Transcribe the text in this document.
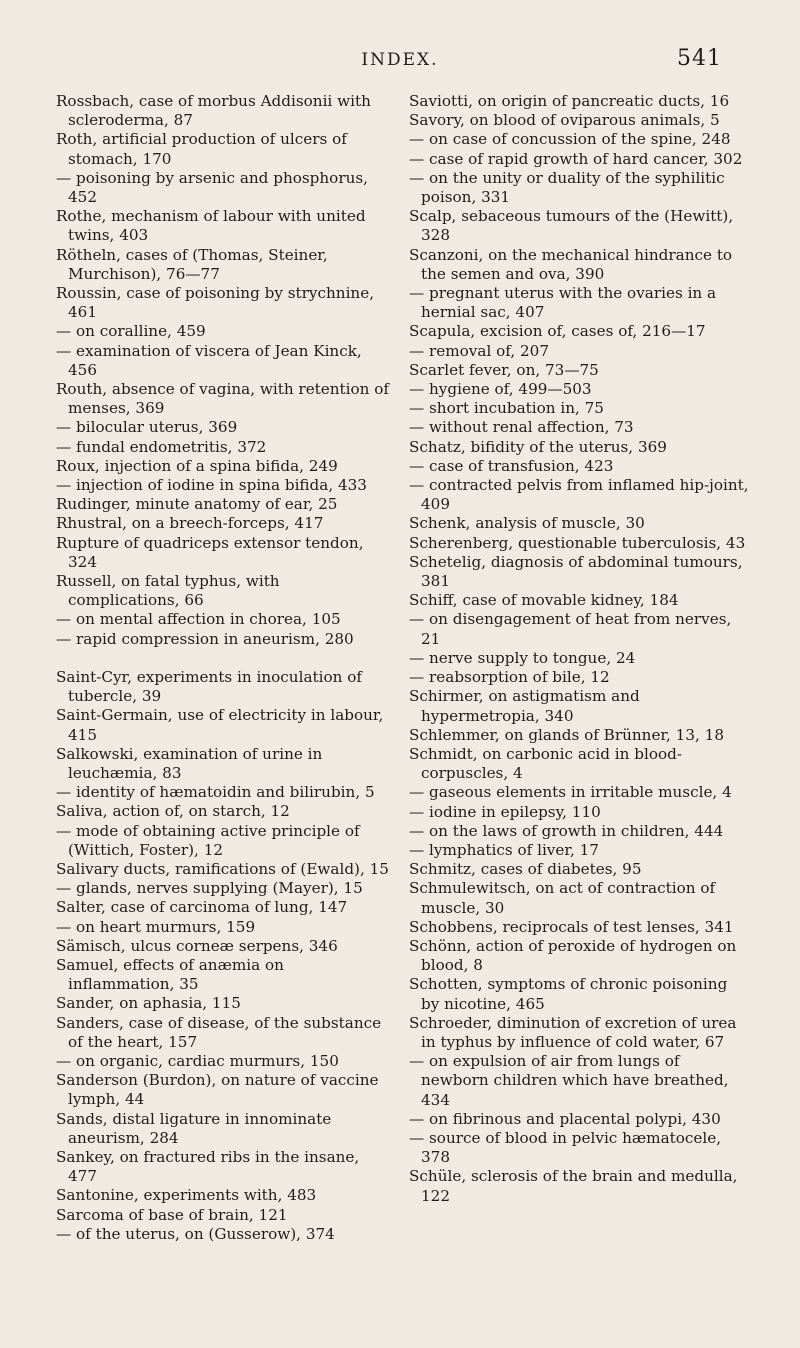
INDEX.	541

Rossbach, case of morbus Addisonii with scleroderma, 87

Roth, artificial production of ulcers of stomach, 170

— poisoning by arsenic and phosphorus, 452

Rothe, mechanism of labour with united twins, 403

Rötheln, cases of (Thomas, Steiner, Murchison), 76—77

Roussin, case of poisoning by strychnine, 461

— on coralline, 459

— examination of viscera of Jean Kinck, 456

Routh, absence of vagina, with retention of menses, 369

— bilocular uterus, 369

— fundal endometritis, 372

Roux, injection of a spina bifida, 249

— injection of iodine in spina bifida, 433

Rudinger, minute anatomy of ear, 25

Rhustral, on a breech-forceps, 417

Rupture of quadriceps extensor tendon, 324

Russell, on fatal typhus, with complications, 66

— on mental affection in chorea, 105

— rapid compression in aneurism, 280

Saint-Cyr, experiments in inoculation of tubercle, 39

Saint-Germain, use of electricity in labour, 415

Salkowski, examination of urine in leuchæmia, 83

— identity of hæmatoidin and bilirubin, 5

Saliva, action of, on starch, 12

— mode of obtaining active principle of (Wittich, Foster), 12

Salivary ducts, ramifications of (Ewald), 15

— glands, nerves supplying (Mayer), 15

Salter, case of carcinoma of lung, 147

— on heart murmurs, 159

Sämisch, ulcus corneæ serpens, 346

Samuel, effects of anæmia on inflammation, 35

Sander, on aphasia, 115

Sanders, case of disease, of the substance of the heart, 157

— on organic, cardiac murmurs, 150

Sanderson (Burdon), on nature of vaccine lymph, 44

Sands, distal ligature in innominate aneurism, 284

Sankey, on fractured ribs in the insane, 477

Santonine, experiments with, 483

Sarcoma of base of brain, 121

— of the uterus, on (Gusserow), 374

Saviotti, on origin of pancreatic ducts, 16

Savory, on blood of oviparous animals, 5

— on case of concussion of the spine, 248

— case of rapid growth of hard cancer, 302

— on the unity or duality of the syphilitic poison, 331

Scalp, sebaceous tumours of the (Hewitt), 328

Scanzoni, on the mechanical hindrance to the semen and ova, 390

— pregnant uterus with the ovaries in a hernial sac, 407

Scapula, excision of, cases of, 216—17

— removal of, 207

Scarlet fever, on, 73—75

— hygiene of, 499—503

— short incubation in, 75

— without renal affection, 73

Schatz, bifidity of the uterus, 369

— case of transfusion, 423

— contracted pelvis from inflamed hip-joint, 409

Schenk, analysis of muscle, 30

Scherenberg, questionable tuberculosis, 43

Schetelig, diagnosis of abdominal tumours, 381

Schiff, case of movable kidney, 184

— on disengagement of heat from nerves, 21

— nerve supply to tongue, 24

— reabsorption of bile, 12

Schirmer, on astigmatism and hypermetropia, 340

Schlemmer, on glands of Brünner, 13, 18

Schmidt, on carbonic acid in blood-corpuscles, 4

— gaseous elements in irritable muscle, 4

— iodine in epilepsy, 110

— on the laws of growth in children, 444

— lymphatics of liver, 17

Schmitz, cases of diabetes, 95

Schmulewitsch, on act of contraction of muscle, 30

Schobbens, reciprocals of test lenses, 341

Schönn, action of peroxide of hydrogen on blood, 8

Schotten, symptoms of chronic poisoning by nicotine, 465

Schroeder, diminution of excretion of urea in typhus by influence of cold water, 67

— on expulsion of air from lungs of newborn children which have breathed, 434

— on fibrinous and placental polypi, 430

— source of blood in pelvic hæmatocele, 378

Schüle, sclerosis of the brain and medulla, 122
